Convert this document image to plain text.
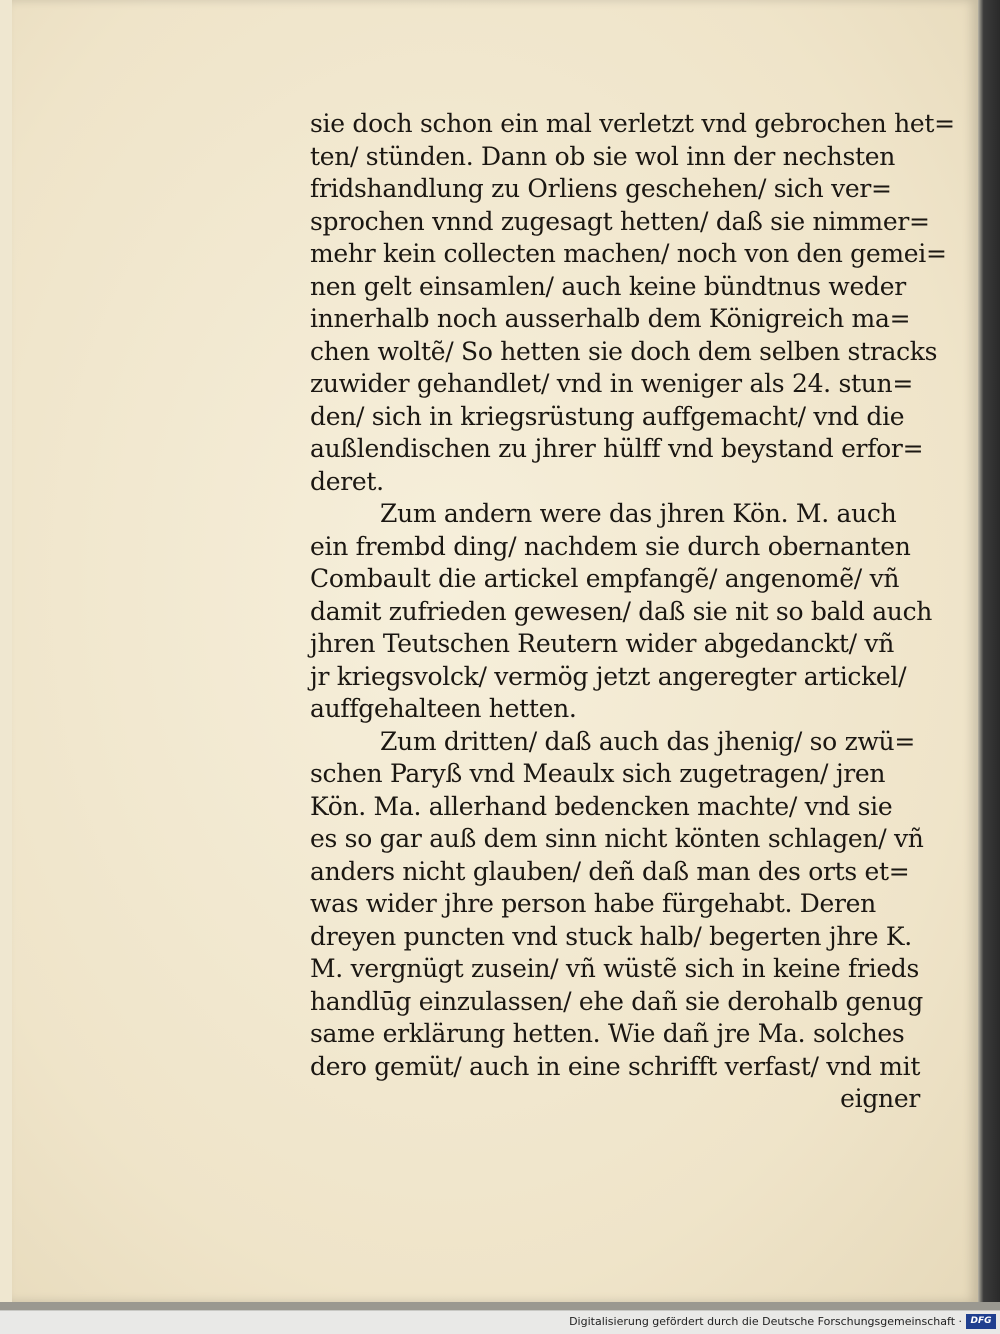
sie doch schon ein mal verletzt vnd gebrochen het=
ten/ stünden. Dann ob sie wol inn der nechsten
fridshandlung zu Orliens geschehen/ sich ver=
sprochen vnnd zugesagt hetten/ daß sie nimmer=
mehr kein collecten machen/ noch von den gemei=
nen gelt einsamlen/ auch keine bündtnus weder
innerhalb noch ausserhalb dem Königreich ma=
chen woltẽ/ So hetten sie doch dem selben stracks
zuwider gehandlet/ vnd in weniger als 24. stun=
den/ sich in kriegsrüstung auffgemacht/ vnd die
außlendischen zu jhrer hülff vnd beystand erfor=
deret.
Zum andern were das jhren Kön. M. auch
ein frembd ding/ nachdem sie durch obernanten
Combault die artickel empfangẽ/ angenomẽ/ vñ
damit zufrieden gewesen/ daß sie nit so bald auch
jhren Teutschen Reutern wider abgedanckt/ vñ
jr kriegsvolck/ vermög jetzt angeregter artickel/
auffgehalteen hetten.
Zum dritten/ daß auch das jhenig/ so zwü=
schen Paryß vnd Meaulx sich zugetragen/ jren
Kön. Ma. allerhand bedencken machte/ vnd sie
es so gar auß dem sinn nicht könten schlagen/ vñ
anders nicht glauben/ deñ daß man des orts et=
was wider jhre person habe fürgehabt. Deren
dreyen puncten vnd stuck halb/ begerten jhre K.
M. vergnügt zusein/ vñ wüstẽ sich in keine frieds
handlūg einzulassen/ ehe dañ sie derohalb genug
same erklärung hetten. Wie dañ jre Ma. solches
dero gemüt/ auch in eine schrifft verfast/ vnd mit
eigner
Digitalisierung gefördert durch die Deutsche Forschungsgemeinschaft · DFG
